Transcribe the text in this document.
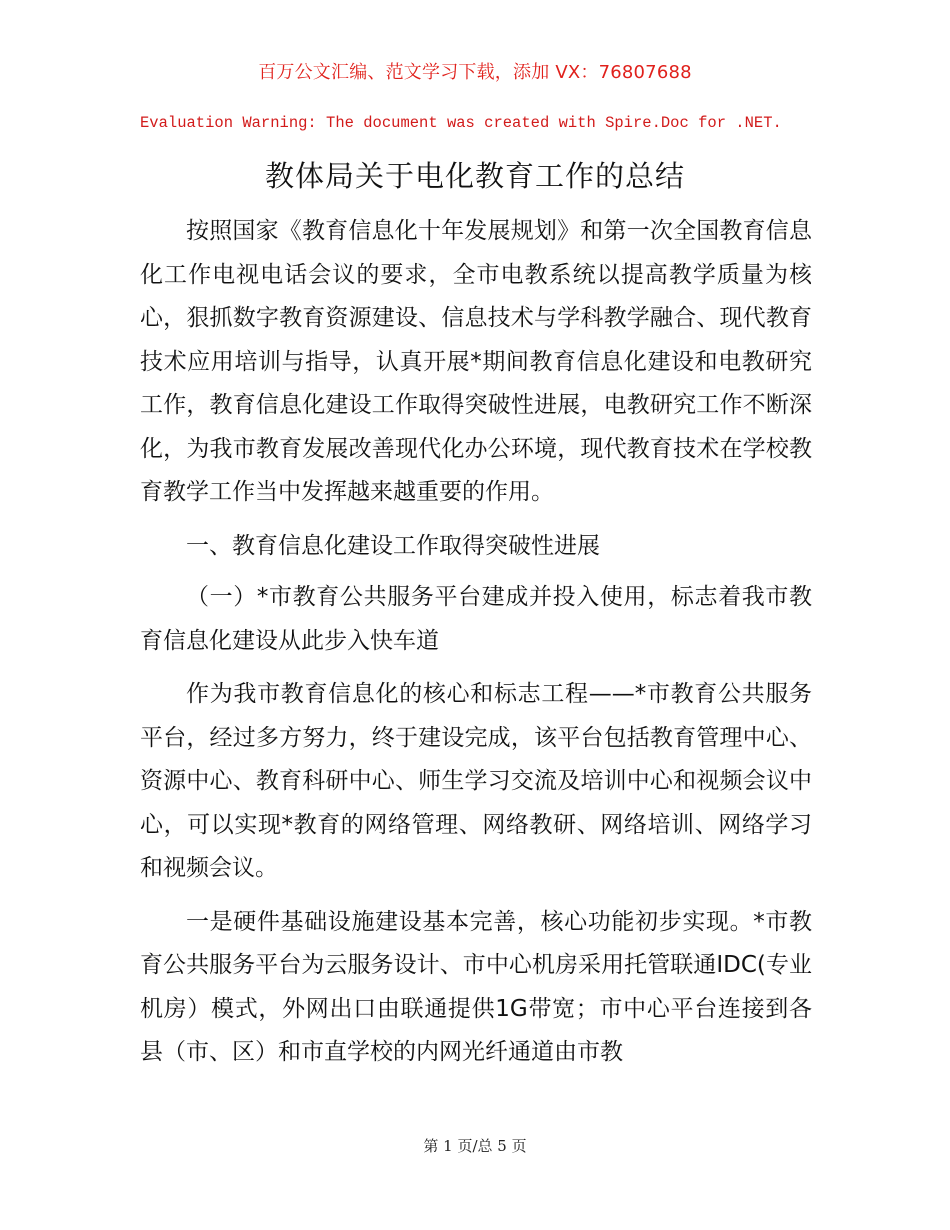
百万公文汇编、范文学习下载，添加 VX：76807688
Evaluation Warning: The document was created with Spire.Doc for .NET.
教体局关于电化教育工作的总结

按照国家《教育信息化十年发展规划》和第一次全国教育信息化工作电视电话会议的要求，全市电教系统以提高教学质量为核心，狠抓数字教育资源建设、信息技术与学科教学融合、现代教育技术应用培训与指导，认真开展*期间教育信息化建设和电教研究工作，教育信息化建设工作取得突破性进展，电教研究工作不断深化，为我市教育发展改善现代化办公环境，现代教育技术在学校教育教学工作当中发挥越来越重要的作用。

一、教育信息化建设工作取得突破性进展

（一）*市教育公共服务平台建成并投入使用，标志着我市教育信息化建设从此步入快车道

作为我市教育信息化的核心和标志工程——*市教育公共服务平台，经过多方努力，终于建设完成，该平台包括教育管理中心、资源中心、教育科研中心、师生学习交流及培训中心和视频会议中心，可以实现*教育的网络管理、网络教研、网络培训、网络学习和视频会议。

一是硬件基础设施建设基本完善，核心功能初步实现。*市教育公共服务平台为云服务设计、市中心机房采用托管联通IDC(专业机房）模式，外网出口由联通提供1G带宽；市中心平台连接到各县（市、区）和市直学校的内网光纤通道由市教

第 1 页/总 5 页
